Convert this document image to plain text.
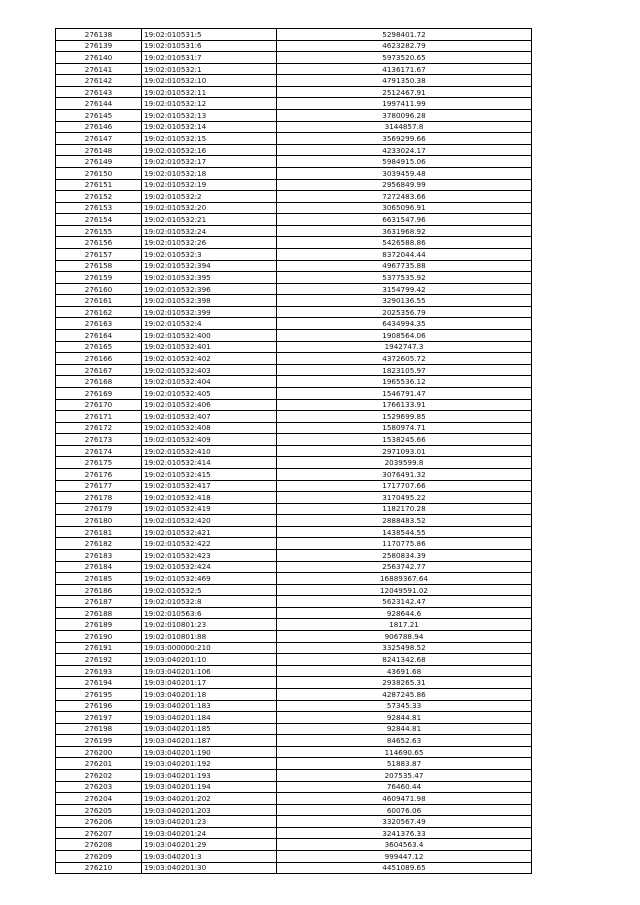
276138	19:02:010531:5	5298401.72
276139	19:02:010531:6	4623282.79
276140	19:02:010531:7	5973520.65
276141	19:02:010532:1	4136171.67
276142	19:02:010532:10	4791350.38
276143	19:02:010532:11	2512467.91
276144	19:02:010532:12	1997411.99
276145	19:02:010532:13	3780096.28
276146	19:02:010532:14	3144857.8
276147	19:02:010532:15	3569299.66
276148	19:02:010532:16	4233024.17
276149	19:02:010532:17	5984915.06
276150	19:02:010532:18	3039459.48
276151	19:02:010532:19	2956849.99
276152	19:02:010532:2	7272483.66
276153	19:02:010532:20	3065096.91
276154	19:02:010532:21	6631547.96
276155	19:02:010532:24	3631968.92
276156	19:02:010532:26	5426588.86
276157	19:02:010532:3	8372044.44
276158	19:02:010532:394	4967735.88
276159	19:02:010532:395	5377535.92
276160	19:02:010532:396	3154799.42
276161	19:02:010532:398	3290136.55
276162	19:02:010532:399	2025356.79
276163	19:02:010532:4	6434994.35
276164	19:02:010532:400	1908564.06
276165	19:02:010532:401	1942747.3
276166	19:02:010532:402	4372605.72
276167	19:02:010532:403	1823105.97
276168	19:02:010532:404	1965536.12
276169	19:02:010532:405	1546791.47
276170	19:02:010532:406	1766133.91
276171	19:02:010532:407	1529699.85
276172	19:02:010532:408	1580974.71
276173	19:02:010532:409	1538245.66
276174	19:02:010532:410	2971093.01
276175	19:02:010532:414	2039599.8
276176	19:02:010532:415	3076491.32
276177	19:02:010532:417	1717707.66
276178	19:02:010532:418	3170495.22
276179	19:02:010532:419	1182170.28
276180	19:02:010532:420	2888483.52
276181	19:02:010532:421	1438544.55
276182	19:02:010532:422	1170775.86
276183	19:02:010532:423	2580834.39
276184	19:02:010532:424	2563742.77
276185	19:02:010532:469	16889367.64
276186	19:02:010532:5	12049591.02
276187	19:02:010532:8	5623142.47
276188	19:02:010563:6	928644.6
276189	19:02:010801:23	1817.21
276190	19:02:010801:88	906788.94
276191	19:03:000000:210	3325498.52
276192	19:03:040201:10	8241342.68
276193	19:03:040201:106	43691.68
276194	19:03:040201:17	2938265.31
276195	19:03:040201:18	4287245.86
276196	19:03:040201:183	57345.33
276197	19:03:040201:184	92844.81
276198	19:03:040201:185	92844.81
276199	19:03:040201:187	84652.63
276200	19:03:040201:190	114690.65
276201	19:03:040201:192	51883.87
276202	19:03:040201:193	207535.47
276203	19:03:040201:194	76460.44
276204	19:03:040201:202	4609471.98
276205	19:03:040201:203	60076.06
276206	19:03:040201:23	3320567.49
276207	19:03:040201:24	3241376.33
276208	19:03:040201:29	3604563.4
276209	19:03:040201:3	999447.12
276210	19:03:040201:30	4451089.65
